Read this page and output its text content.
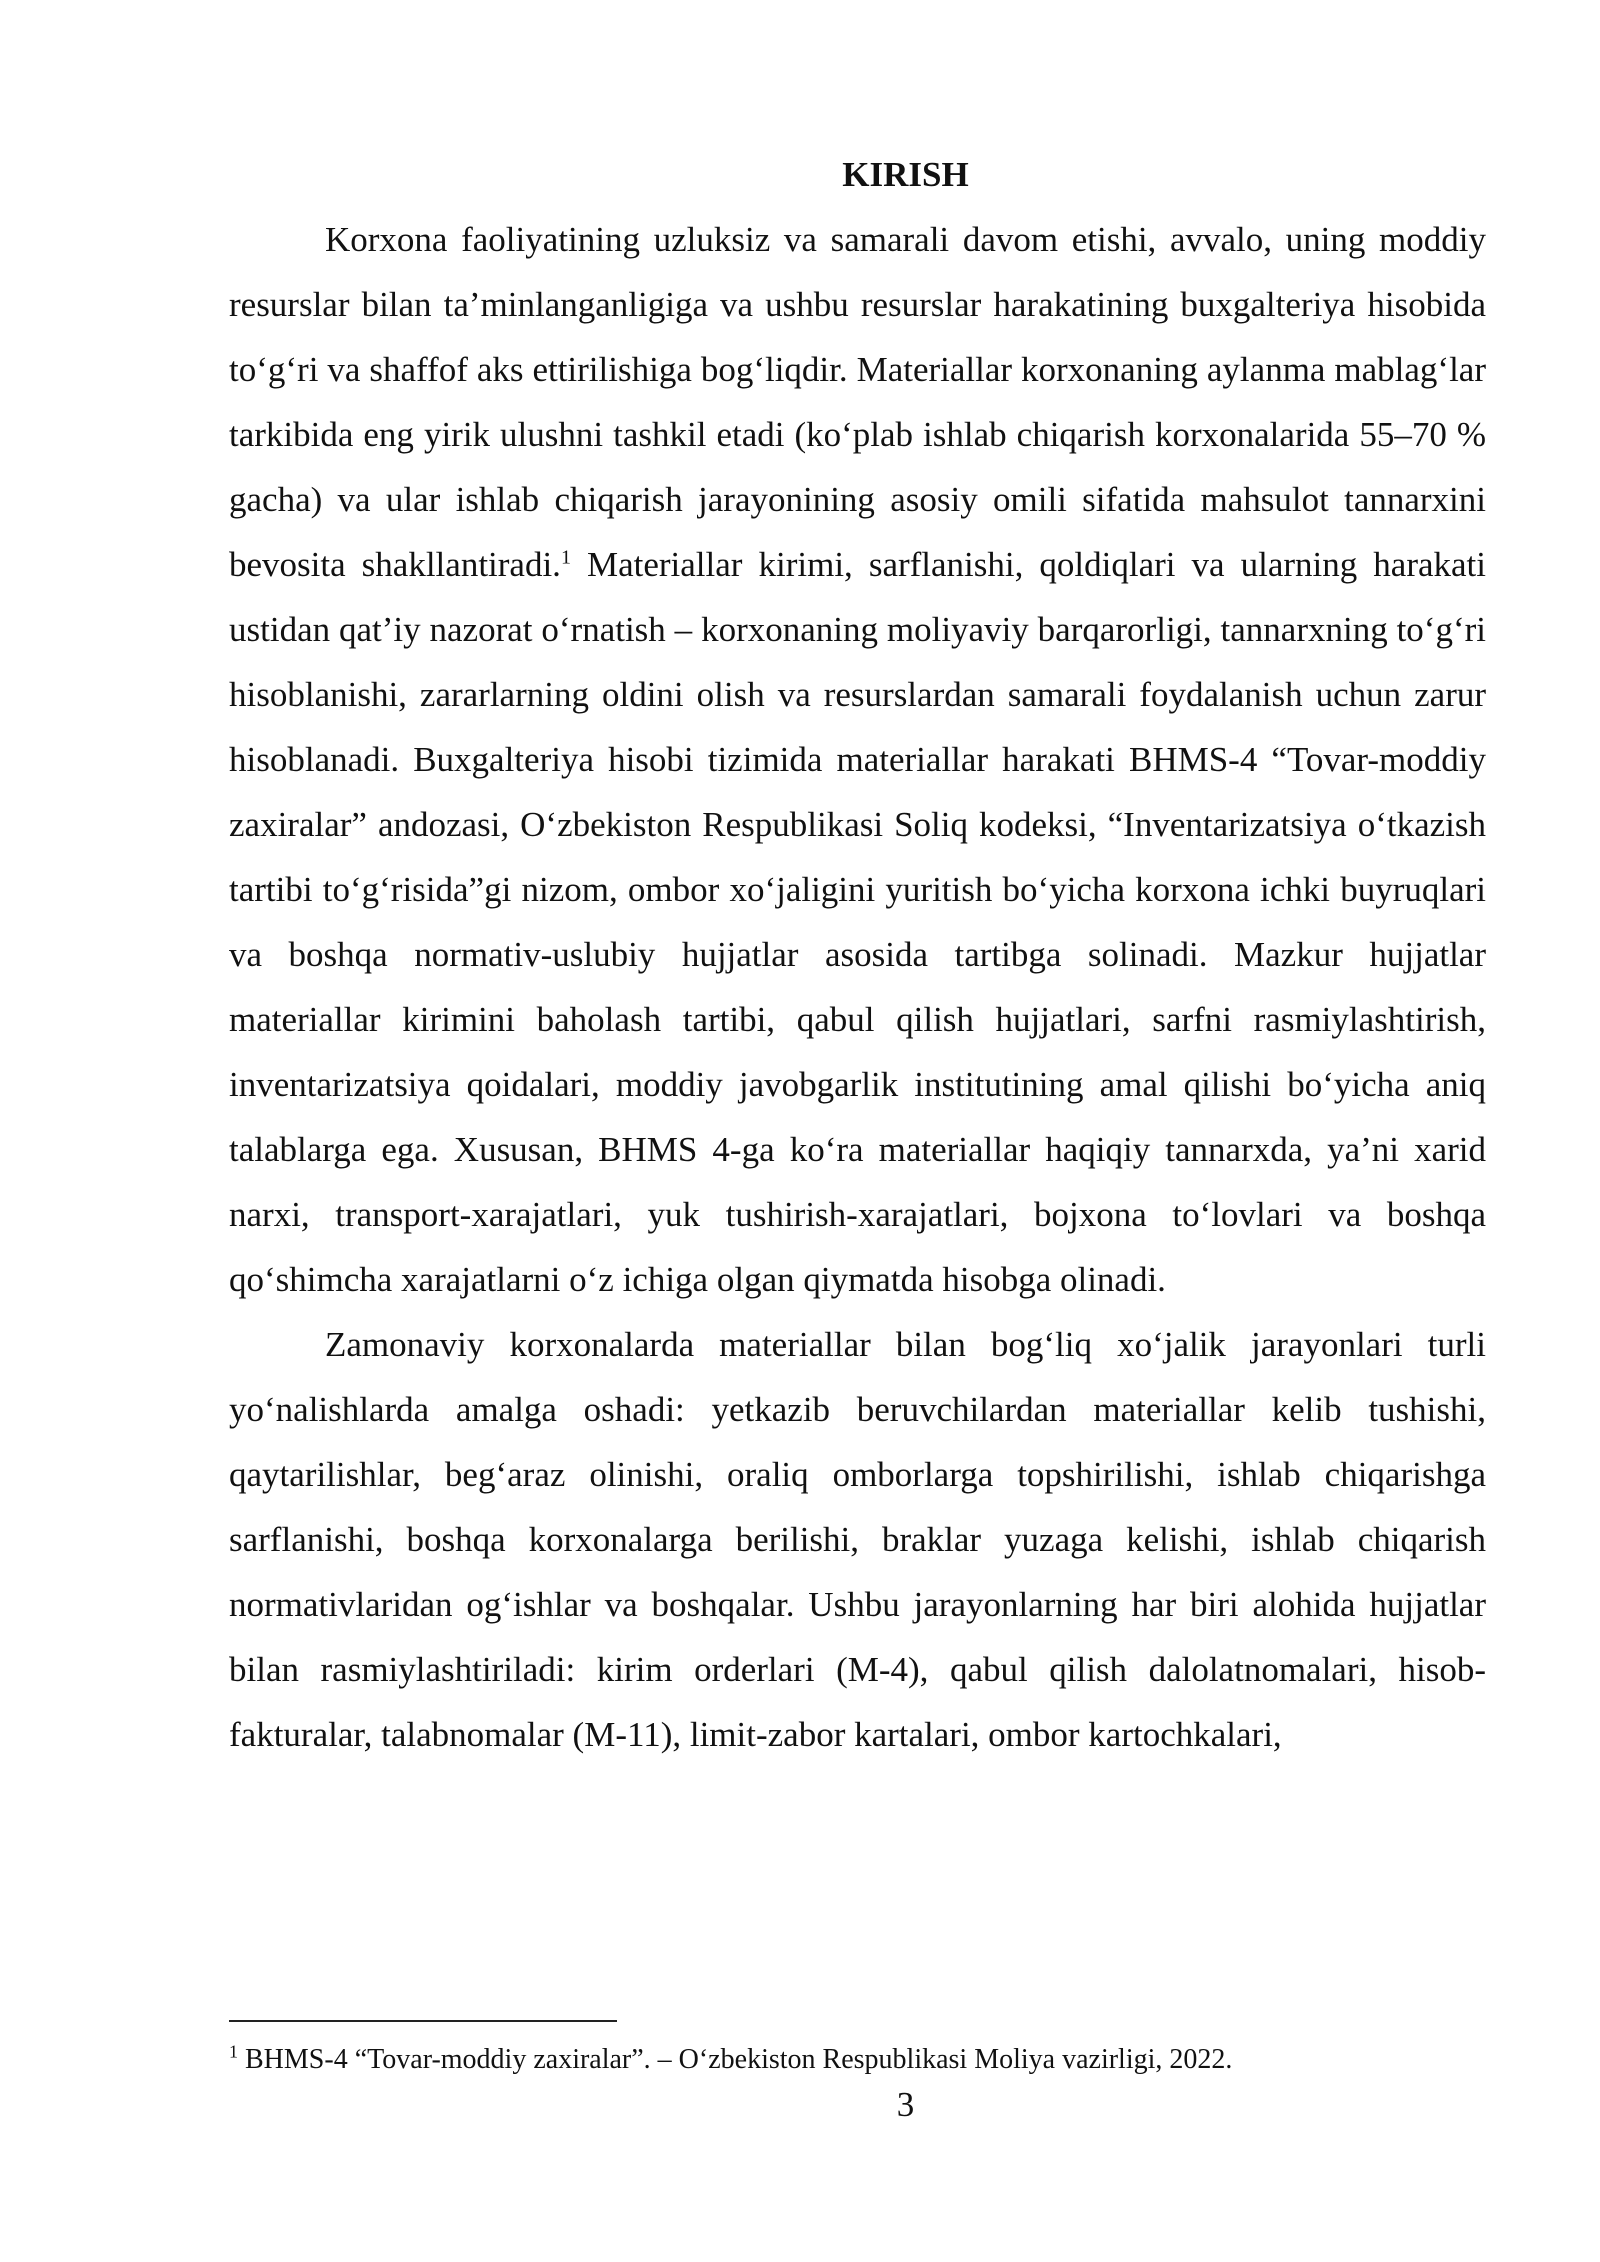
KIRISH

Korxona faoliyatining uzluksiz va samarali davom etishi, avvalo, uning moddiy resurslar bilan ta’minlanganligiga va ushbu resurslar harakatining buxgalteriya hisobida to‘g‘ri va shaffof aks ettirilishiga bog‘liqdir. Materiallar korxonaning aylanma mablag‘lar tarkibida eng yirik ulushni tashkil etadi (ko‘plab ishlab chiqarish korxonalarida 55–70 % gacha) va ular ishlab chiqarish jarayonining asosiy omili sifatida mahsulot tannarxini bevosita shakllantiradi.$^1$ Materiallar kirimi, sarflanishi, qoldiqlari va ularning harakati ustidan qat’iy nazorat o‘rnatish – korxonaning moliyaviy barqarorligi, tannarxning to‘g‘ri hisoblanishi, zararlarning oldini olish va resurslardan samarali foydalanish uchun zarur hisoblanadi. Buxgalteriya hisobi tizimida materiallar harakati BHMS-4 “Tovar-moddiy zaxiralar” andozasi, O‘zbekiston Respublikasi Soliq kodeksi, “Inventarizatsiya o‘tkazish tartibi to‘g‘risida”gi nizom, ombor xo‘jaligini yuritish bo‘yicha korxona ichki buyruqlari va boshqa normativ-uslubiy hujjatlar asosida tartibga solinadi. Mazkur hujjatlar materiallar kirimini baholash tartibi, qabul qilish hujjatlari, sarfni rasmiylashtirish, inventarizatsiya qoidalari, moddiy javobgarlik institutining amal qilishi bo‘yicha aniq talablarga ega. Xususan, BHMS 4-ga ko‘ra materiallar haqiqiy tannarxda, ya’ni xarid narxi, transport-xarajatlari, yuk tushirish-xarajatlari, bojxona to‘lovlari va boshqa qo‘shimcha xarajatlarni o‘z ichiga olgan qiymatda hisobga olinadi.

Zamonaviy korxonalarda materiallar bilan bog‘liq xo‘jalik jarayonlari turli yo‘nalishlarda amalga oshadi: yetkazib beruvchilardan materiallar kelib tushishi, qaytarilishlar, beg‘araz olinishi, oraliq omborlarga topshirilishi, ishlab chiqarishga sarflanishi, boshqa korxonalarga berilishi, braklar yuzaga kelishi, ishlab chiqarish normativlaridan og‘ishlar va boshqalar. Ushbu jarayonlarning har biri alohida hujjatlar bilan rasmiylashtiriladi: kirim orderlari (M-4), qabul qilish dalolatnomalari, hisob-fakturalar, talabnomalar (M-11), limit-zabor kartalari, ombor kartochkalari,

$^1$ BHMS-4 “Tovar-moddiy zaxiralar”. – O‘zbekiston Respublikasi Moliya vazirligi, 2022.
3
